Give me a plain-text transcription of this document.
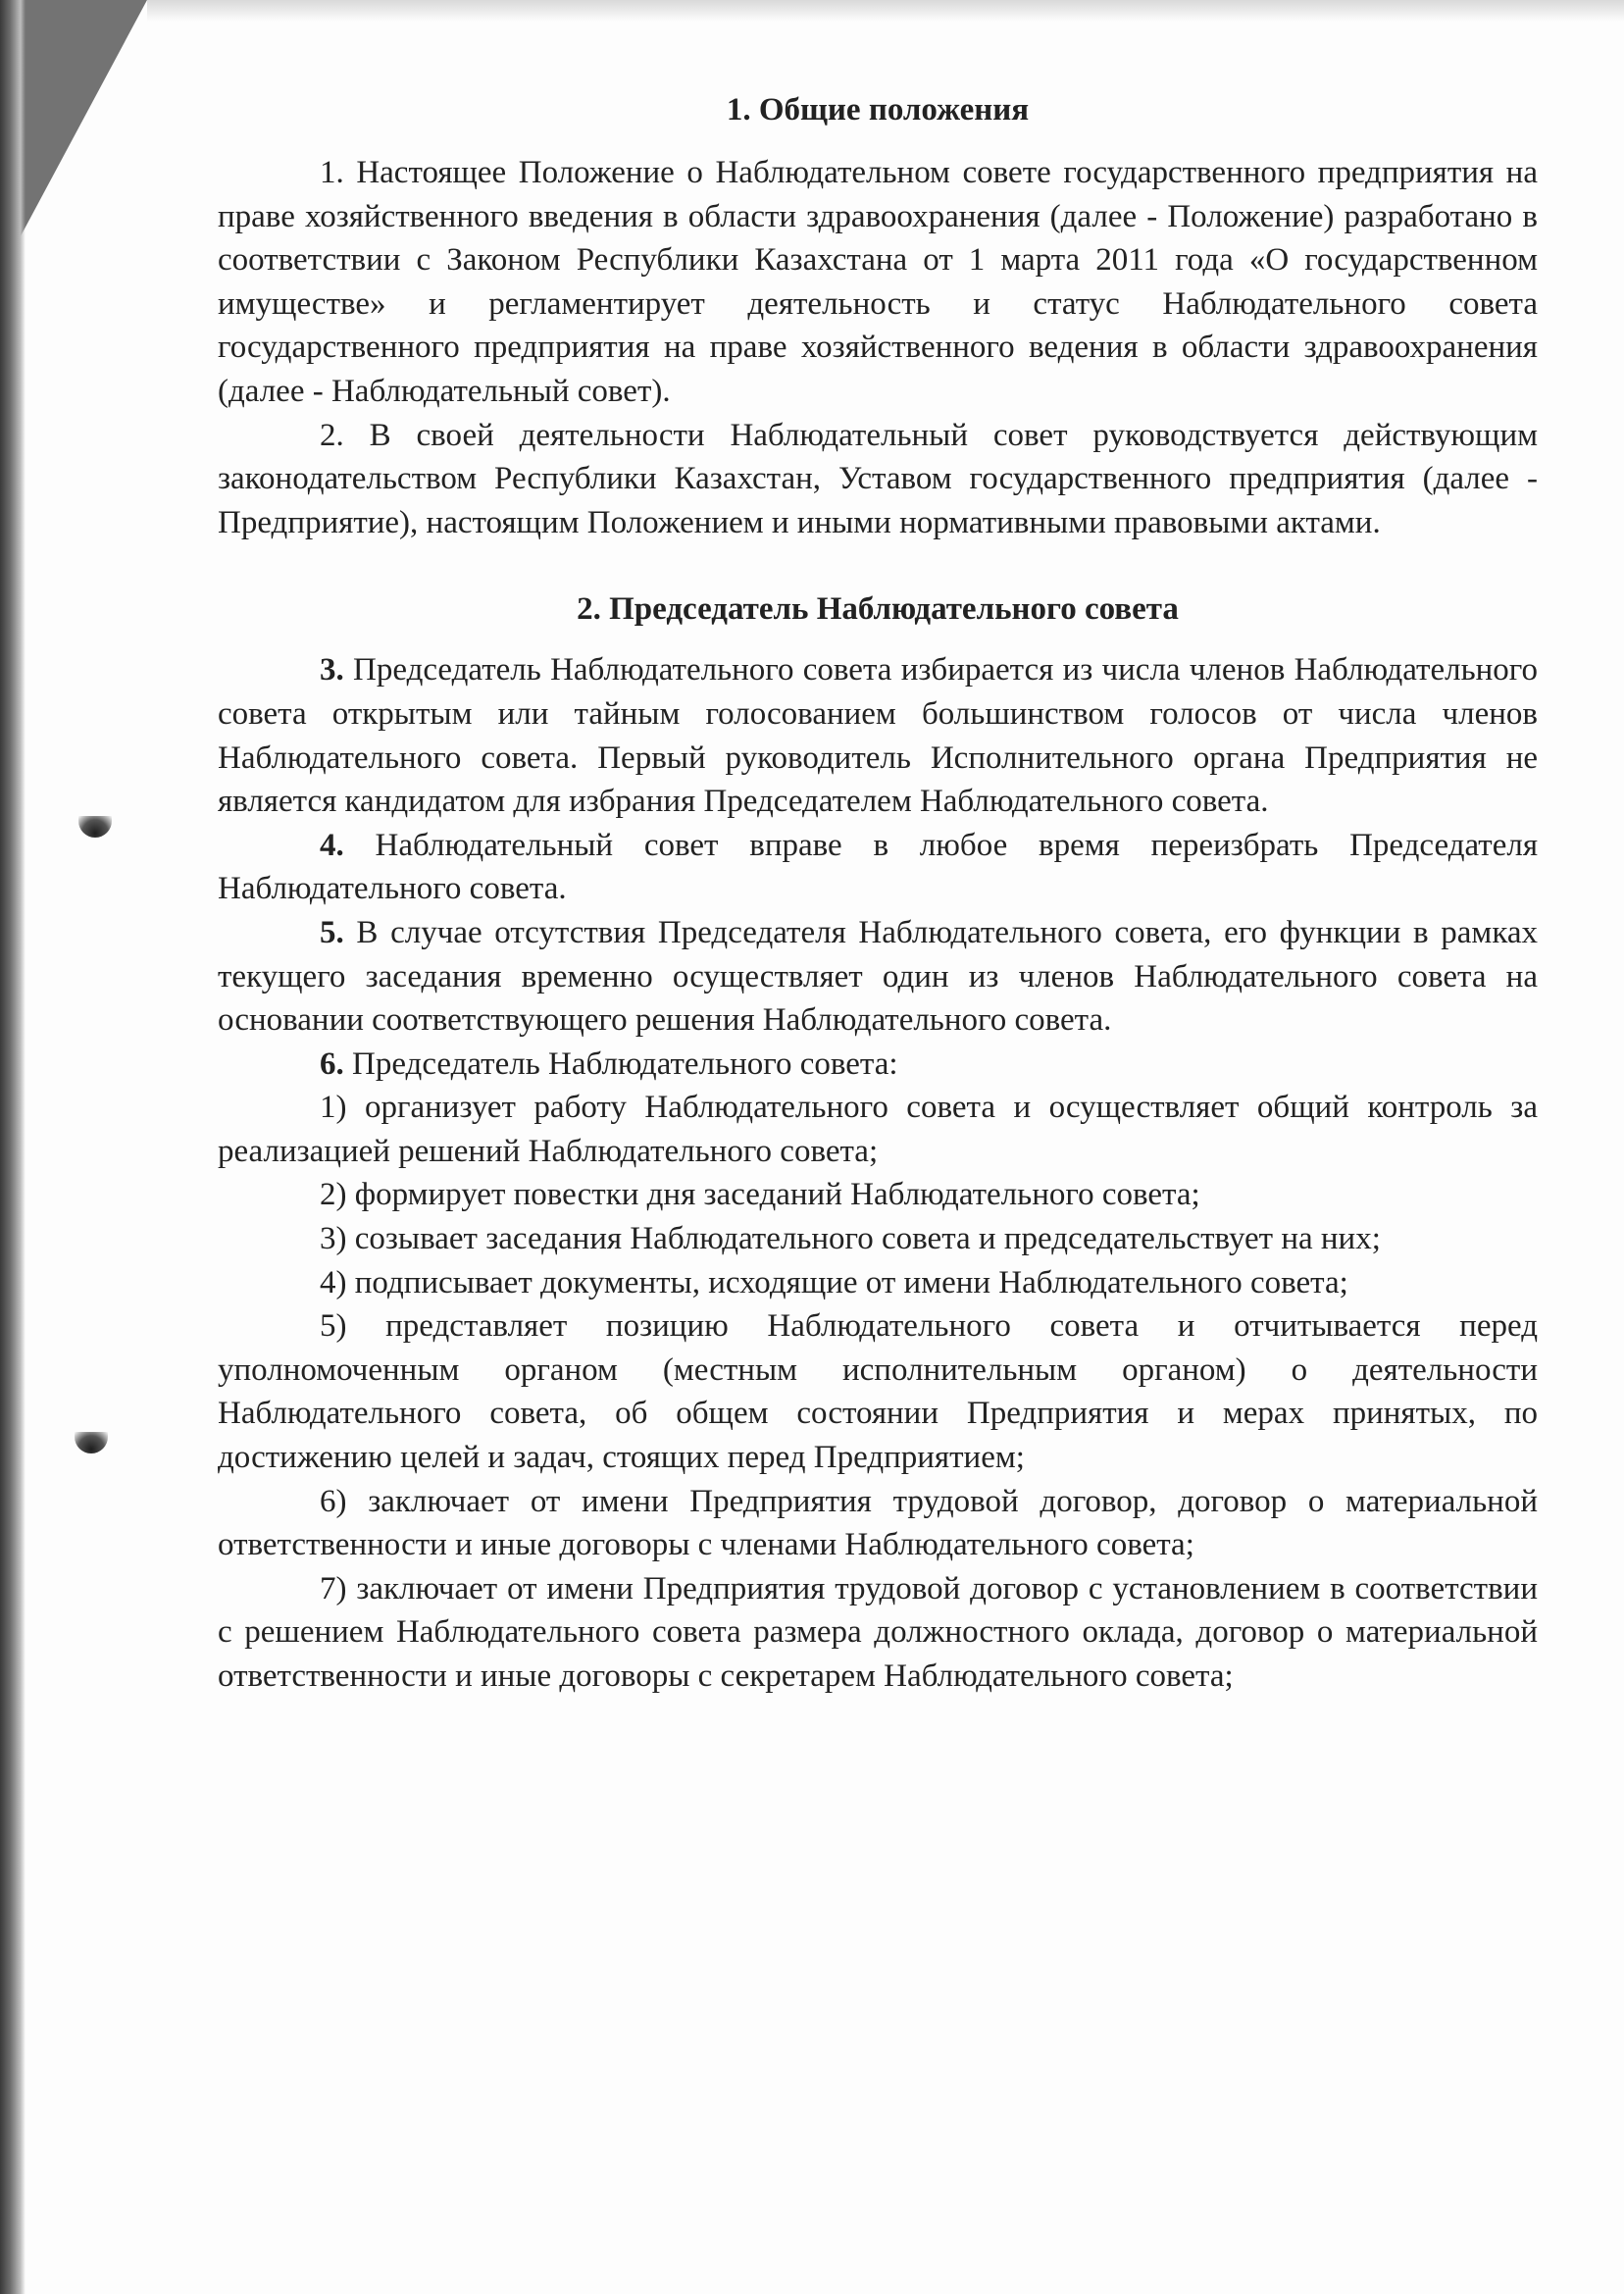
1. Общие положения

1. Настоящее Положение о Наблюдательном совете государственного предприятия на праве хозяйственного введения в области здравоохранения (далее - Положение) разработано в соответствии с Законом Республики Казахстана от 1 марта 2011 года «О государственном имуществе» и регламентирует деятельность и статус Наблюдательного совета государственного предприятия на праве хозяйственного ведения в области здравоохранения (далее - Наблюдательный совет).

2. В своей деятельности Наблюдательный совет руководствуется действующим законодательством Республики Казахстан, Уставом государственного предприятия (далее - Предприятие), настоящим Положением и иными нормативными правовыми актами.

2. Председатель Наблюдательного совета

3. Председатель Наблюдательного совета избирается из числа членов Наблюдательного совета открытым или тайным голосованием большинством голосов от числа членов Наблюдательного совета. Первый руководитель Исполнительного органа Предприятия не является кандидатом для избрания Председателем Наблюдательного совета.

4. Наблюдательный совет вправе в любое время переизбрать Председателя Наблюдательного совета.

5. В случае отсутствия Председателя Наблюдательного совета, его функции в рамках текущего заседания временно осуществляет один из членов Наблюдательного совета на основании соответствующего решения Наблюдательного совета.

6. Председатель Наблюдательного совета:

1) организует работу Наблюдательного совета и осуществляет общий контроль за реализацией решений Наблюдательного совета;

2) формирует повестки дня заседаний Наблюдательного совета;

3) созывает заседания Наблюдательного совета и председательствует на них;

4) подписывает документы, исходящие от имени Наблюдательного совета;

5) представляет позицию Наблюдательного совета и отчитывается перед уполномоченным органом (местным исполнительным органом) о деятельности Наблюдательного совета, об общем состоянии Предприятия и мерах принятых, по достижению целей и задач, стоящих перед Предприятием;

6) заключает от имени Предприятия трудовой договор, договор о материальной ответственности и иные договоры с членами Наблюдательного совета;

7) заключает от имени Предприятия трудовой договор с установлением в соответствии с решением Наблюдательного совета размера должностного оклада, договор о материальной ответственности и иные договоры с секретарем Наблюдательного совета;
